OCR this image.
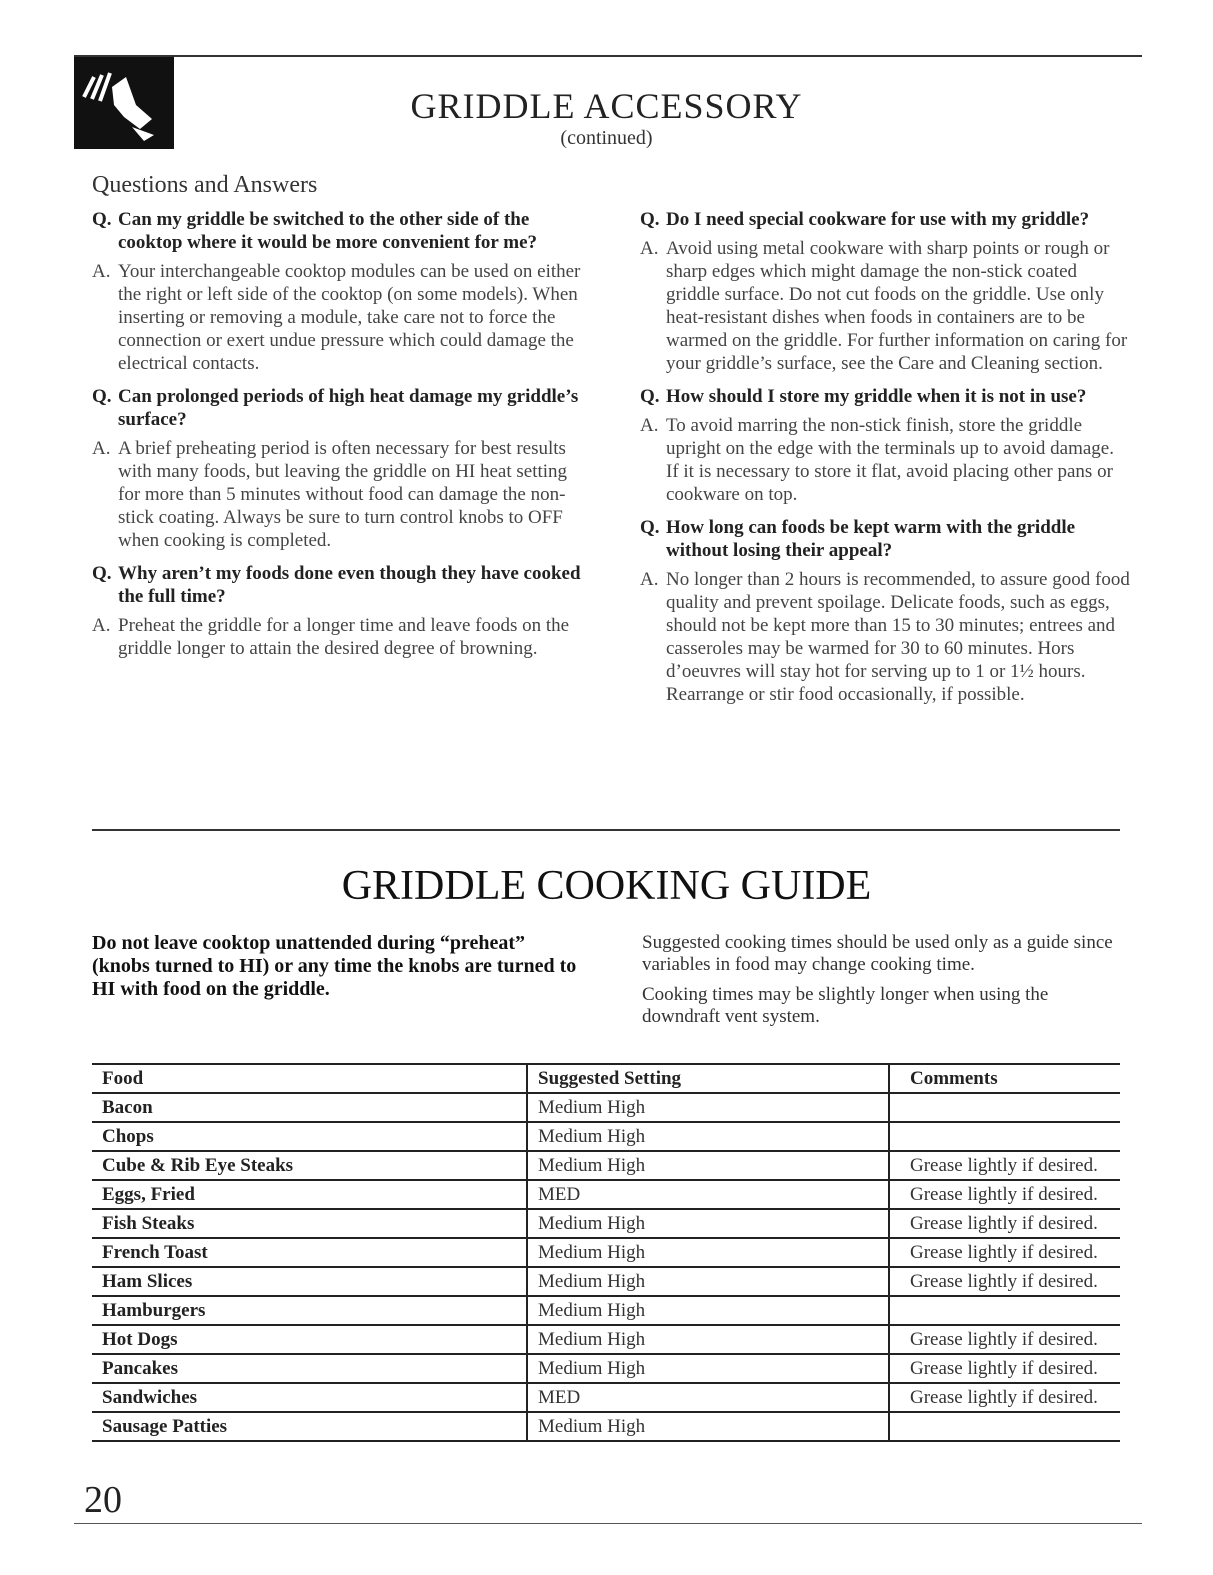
GRIDDLE ACCESSORY
(continued)
Questions and Answers
Q. Can my griddle be switched to the other side of the cooktop where it would be more convenient for me?
A. Your interchangeable cooktop modules can be used on either the right or left side of the cooktop (on some models). When inserting or removing a module, take care not to force the connection or exert undue pressure which could damage the electrical contacts.
Q. Can prolonged periods of high heat damage my griddle’s surface?
A. A brief preheating period is often necessary for best results with many foods, but leaving the griddle on HI heat setting for more than 5 minutes without food can damage the non-stick coating. Always be sure to turn control knobs to OFF when cooking is completed.
Q. Why aren’t my foods done even though they have cooked the full time?
A. Preheat the griddle for a longer time and leave foods on the griddle longer to attain the desired degree of browning.
Q. Do I need special cookware for use with my griddle?
A. Avoid using metal cookware with sharp points or rough or sharp edges which might damage the non-stick coated griddle surface. Do not cut foods on the griddle. Use only heat-resistant dishes when foods in containers are to be warmed on the griddle. For further information on caring for your griddle’s surface, see the Care and Cleaning section.
Q. How should I store my griddle when it is not in use?
A. To avoid marring the non-stick finish, store the griddle upright on the edge with the terminals up to avoid damage. If it is necessary to store it flat, avoid placing other pans or cookware on top.
Q. How long can foods be kept warm with the griddle without losing their appeal?
A. No longer than 2 hours is recommended, to assure good food quality and prevent spoilage. Delicate foods, such as eggs, should not be kept more than 15 to 30 minutes; entrees and casseroles may be warmed for 30 to 60 minutes. Hors d’oeuvres will stay hot for serving up to 1 or 1½ hours. Rearrange or stir food occasionally, if possible.
GRIDDLE COOKING GUIDE
Do not leave cooktop unattended during “preheat” (knobs turned to HI) or any time the knobs are turned to HI with food on the griddle.

Suggested cooking times should be used only as a guide since variables in food may change cooking time.

Cooking times may be slightly longer when using the downdraft vent system.

Food	Suggested Setting	Comments
Bacon	Medium High	
Chops	Medium High	
Cube & Rib Eye Steaks	Medium High	Grease lightly if desired.
Eggs, Fried	MED	Grease lightly if desired.
Fish Steaks	Medium High	Grease lightly if desired.
French Toast	Medium High	Grease lightly if desired.
Ham Slices	Medium High	Grease lightly if desired.
Hamburgers	Medium High	
Hot Dogs	Medium High	Grease lightly if desired.
Pancakes	Medium High	Grease lightly if desired.
Sandwiches	MED	Grease lightly if desired.
Sausage Patties	Medium High	
20
